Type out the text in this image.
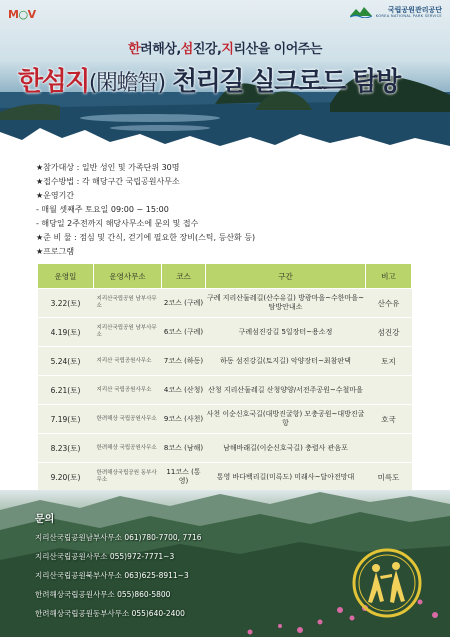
M○V	국립공원관리공단
KOREA NATIONAL PARK SERVICE
한려해상,섬진강,지리산을 이어주는
한섬지(閑蟾智) 천리길 실크로드 탐방
★참가대상 : 일반 성인 및 가족단위 30명
★접수방법 : 각 해당구간 국립공원사무소
★운영기간
- 매월 셋째주 토요일 09:00 ~ 15:00
- 해당일 2주전까지 해당사무소에 문의 및 접수
★준 비 물 : 점심 및 간식, 걷기에 필요한 장비(스틱, 등산화 등)
★프로그램
운영일	운영사무소	코스	구간	비고
3.22(토)	지리산국립공원 남부사무소	2코스 (구례)	구례 지리산둘레길(산수유길) 방광마을~수한마을~탐방안내소	산수유
4.19(토)	지리산국립공원 남부사무소	6코스 (구례)	구례섬진강길 5일장터~용소정	섬진강
5.24(토)	지리산 국립공원사무소	7코스 (하동)	하동 섬진강길(토지길) 악양장터~최참판댁	토지
6.21(토)	지리산 국립공원사무소	4코스 (산청)	산청 지리산둘레길 산청양양/서전주공원~수철마을	
7.19(토)	한려해상 국립공원사무소	9코스 (사천)	사천 이순신호국길(대방진굴항) 모충공원~대방진굴항	호국
8.23(토)	한려해상 국립공원사무소	8코스 (남해)	남해바래길(이순신호국길) 충렬사 관음포	
9.20(토)	한려해상국립공원 동부사무소	11코스 (통영)	통영 바다백리길(미륵도) 미래사~달아전망대	미륵도

문의
지리산국립공원남부사무소 061)780-7700, 7716
지리산국립공원사무소 055)972-7771~3
지리산국립공원북부사무소 063)625-8911~3
한려해상국립공원사무소 055)860-5800
한려해상국립공원동부사무소 055)640-2400
